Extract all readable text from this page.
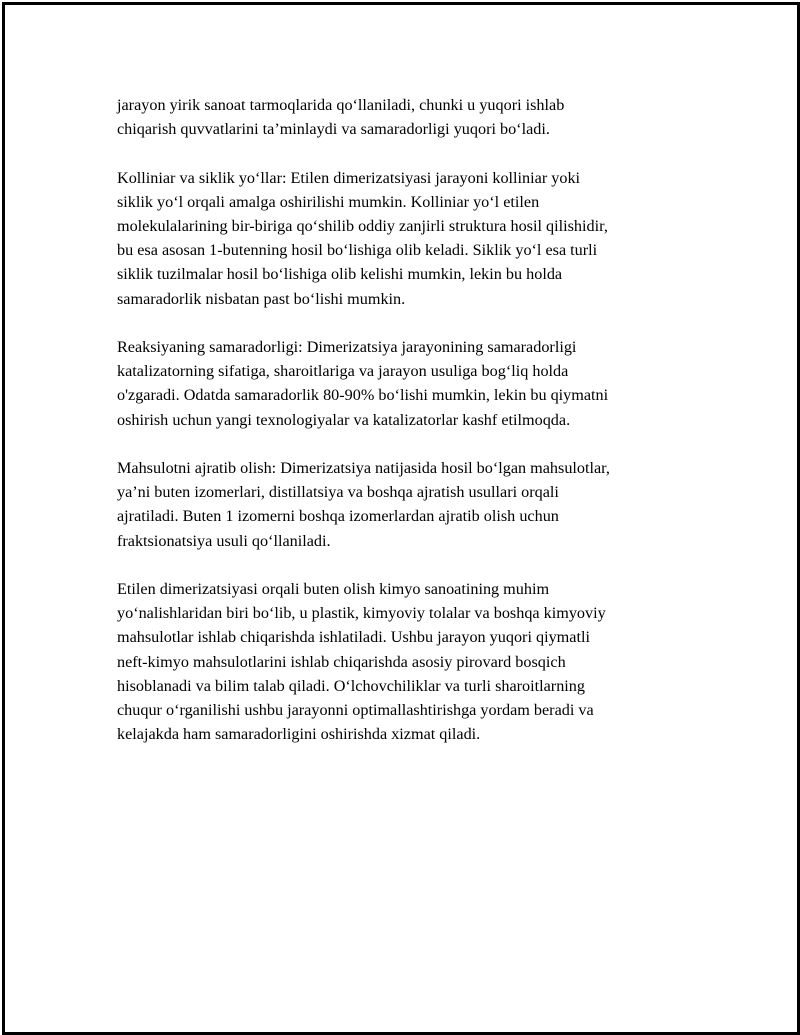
jarayon yirik sanoat tarmoqlarida qo‘llaniladi, chunki u yuqori ishlab
chiqarish quvvatlarini ta’minlaydi va samaradorligi yuqori bo‘ladi.

Kolliniar va siklik yo‘llar: Etilen dimerizatsiyasi jarayoni kolliniar yoki
siklik yo‘l orqali amalga oshirilishi mumkin. Kolliniar yo‘l etilen
molekulalarining bir-biriga qo‘shilib oddiy zanjirli struktura hosil qilishidir,
bu esa asosan 1-butenning hosil bo‘lishiga olib keladi. Siklik yo‘l esa turli
siklik tuzilmalar hosil bo‘lishiga olib kelishi mumkin, lekin bu holda
samaradorlik nisbatan past bo‘lishi mumkin.

Reaksiyaning samaradorligi: Dimerizatsiya jarayonining samaradorligi
katalizatorning sifatiga, sharoitlariga va jarayon usuliga bog‘liq holda
o'zgaradi. Odatda samaradorlik 80-90% bo‘lishi mumkin, lekin bu qiymatni
oshirish uchun yangi texnologiyalar va katalizatorlar kashf etilmoqda.

Mahsulotni ajratib olish: Dimerizatsiya natijasida hosil bo‘lgan mahsulotlar,
ya’ni buten izomerlari, distillatsiya va boshqa ajratish usullari orqali
ajratiladi. Buten 1 izomerni boshqa izomerlardan ajratib olish uchun
fraktsionatsiya usuli qo‘llaniladi.

Etilen dimerizatsiyasi orqali buten olish kimyo sanoatining muhim
yo‘nalishlaridan biri bo‘lib, u plastik, kimyoviy tolalar va boshqa kimyoviy
mahsulotlar ishlab chiqarishda ishlatiladi. Ushbu jarayon yuqori qiymatli
neft-kimyo mahsulotlarini ishlab chiqarishda asosiy pirovard bosqich
hisoblanadi va bilim talab qiladi. O‘lchovchiliklar va turli sharoitlarning
chuqur o‘rganilishi ushbu jarayonni optimallashtirishga yordam beradi va
kelajakda ham samaradorligini oshirishda xizmat qiladi.
